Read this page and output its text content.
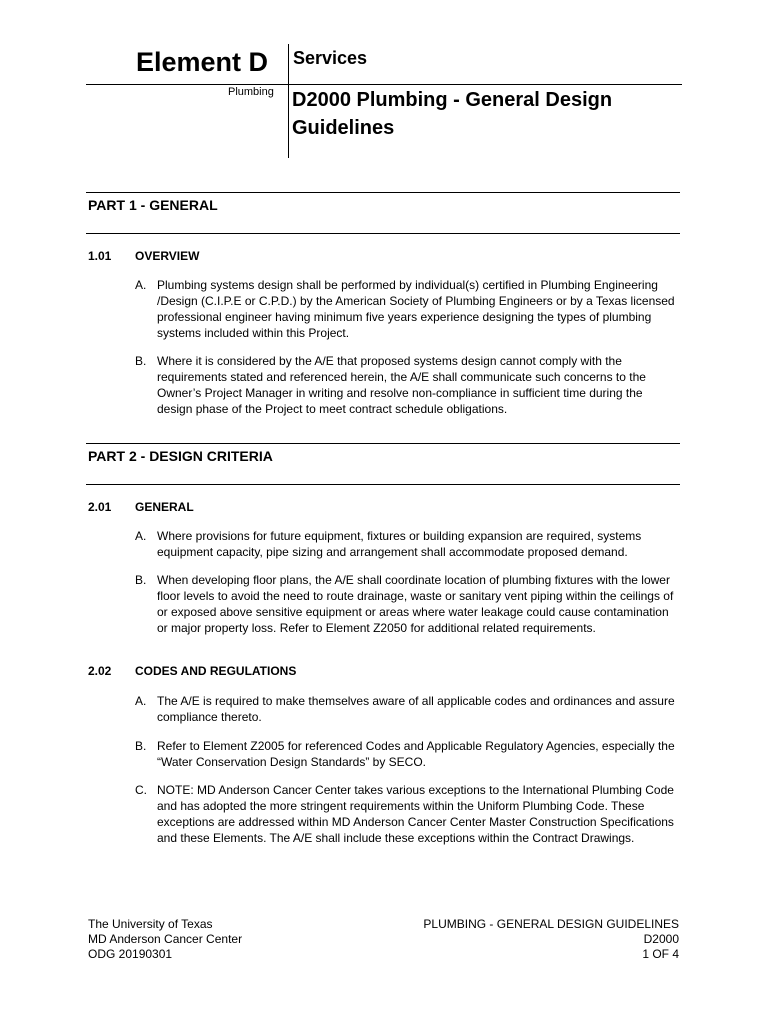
Element D Services
Plumbing D2000 Plumbing - General Design Guidelines
PART 1 - GENERAL
1.01 OVERVIEW
A. Plumbing systems design shall be performed by individual(s) certified in Plumbing Engineering /Design (C.I.P.E or C.P.D.) by the American Society of Plumbing Engineers or by a Texas licensed professional engineer having minimum five years experience designing the types of plumbing systems included within this Project.
B. Where it is considered by the A/E that proposed systems design cannot comply with the requirements stated and referenced herein, the A/E shall communicate such concerns to the Owner’s Project Manager in writing and resolve non-compliance in sufficient time during the design phase of the Project to meet contract schedule obligations.
PART 2 - DESIGN CRITERIA
2.01 GENERAL
A. Where provisions for future equipment, fixtures or building expansion are required, systems equipment capacity, pipe sizing and arrangement shall accommodate proposed demand.
B. When developing floor plans, the A/E shall coordinate location of plumbing fixtures with the lower floor levels to avoid the need to route drainage, waste or sanitary vent piping within the ceilings of or exposed above sensitive equipment or areas where water leakage could cause contamination or major property loss. Refer to Element Z2050 for additional related requirements.
2.02 CODES AND REGULATIONS
A. The A/E is required to make themselves aware of all applicable codes and ordinances and assure compliance thereto.
B. Refer to Element Z2005 for referenced Codes and Applicable Regulatory Agencies, especially the “Water Conservation Design Standards” by SECO.
C. NOTE: MD Anderson Cancer Center takes various exceptions to the International Plumbing Code and has adopted the more stringent requirements within the Uniform Plumbing Code. These exceptions are addressed within MD Anderson Cancer Center Master Construction Specifications and these Elements. The A/E shall include these exceptions within the Contract Drawings.
The University of Texas
MD Anderson Cancer Center
ODG 20190301
PLUMBING - GENERAL DESIGN GUIDELINES
D2000
1 OF 4
